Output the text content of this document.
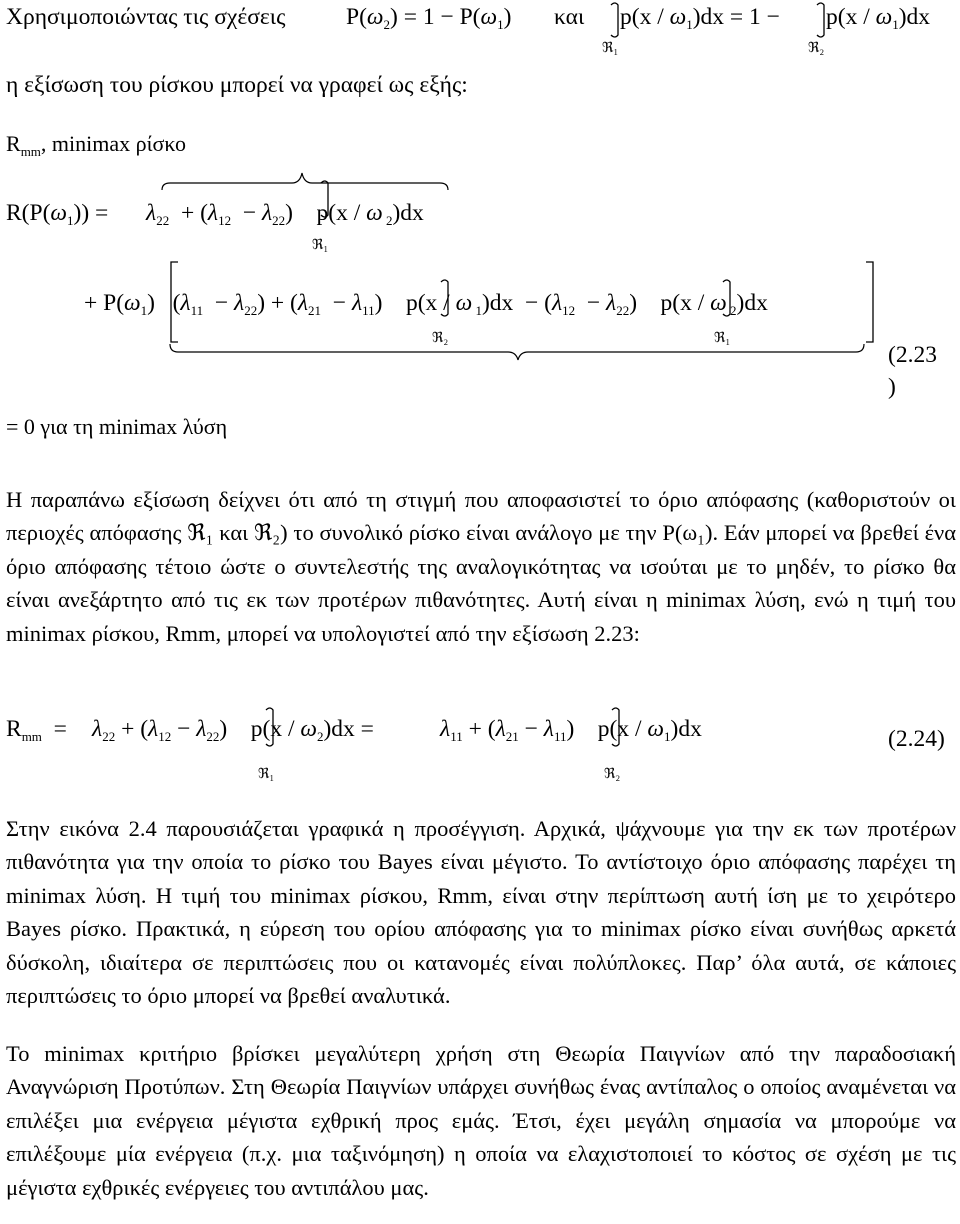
Χρησιμοποιώντας τις σχέσεις	$P(\omega_2) = 1 - P(\omega_1)$ και $p(x / \omega_1)dx = 1 - p(x / \omega_1)dx$
ℜ₁	ℜ₂
η εξίσωση του ρίσκου μπορεί να γραφεί ως εξής:
$R_{mm}$, minimax ρίσκο
$R(P(\omega_1)) = \lambda_{22} + (\lambda_{12} - \lambda_{22})$    p(x / ω $_2$)dx
ℜ₁
+ $P(\omega_1) (\lambda_{11} - \lambda_{22}) + (\lambda_{21} - \lambda_{11})$    p(x / ω $_1)dx - (\lambda_{12} - \lambda_{22})$    p(x / ω $_2$)dx
ℜ₂	ℜ₁
(2.23
)
= 0 για τη minimax λύση

Η παραπάνω εξίσωση δείχνει ότι από τη στιγμή που αποφασιστεί το όριο απόφασης (καθοριστούν οι περιοχές απόφασης ℜ₁ και ℜ₂) το συνολικό ρίσκο είναι ανάλογο με την P(ω₁). Εάν μπορεί να βρεθεί ένα όριο απόφασης τέτοιο ώστε ο συντελεστής της αναλογικότητας να ισούται με το μηδέν, το ρίσκο θα είναι ανεξάρτητο από τις εκ των προτέρων πιθανότητες. Αυτή είναι η minimax λύση, ενώ η τιμή του minimax ρίσκου, Rmm, μπορεί να υπολογιστεί από την εξίσωση 2.23:

$R_{mm} = \lambda_{22} + (\lambda_{12} - \lambda_{22})$    $p(x / \omega_2)dx$ =	$\lambda_{11} + (\lambda_{21} - \lambda_{11})$    $p(x / \omega_1)dx$
ℜ₁	ℜ₂
(2.24)

Στην εικόνα 2.4 παρουσιάζεται γραφικά η προσέγγιση. Αρχικά, ψάχνουμε για την εκ των προτέρων πιθανότητα για την οποία το ρίσκο του Bayes είναι μέγιστο. Το αντίστοιχο όριο απόφασης παρέχει τη minimax λύση. Η τιμή του minimax ρίσκου, Rmm, είναι στην περίπτωση αυτή ίση με το χειρότερο Bayes ρίσκο. Πρακτικά, η εύρεση του ορίου απόφασης για το minimax ρίσκο είναι συνήθως αρκετά δύσκολη, ιδιαίτερα σε περιπτώσεις που οι κατανομές είναι πολύπλοκες. Παρ’ όλα αυτά, σε κάποιες περιπτώσεις το όριο μπορεί να βρεθεί αναλυτικά.

Το minimax κριτήριο βρίσκει μεγαλύτερη χρήση στη Θεωρία Παιγνίων από την παραδοσιακή Αναγνώριση Προτύπων. Στη Θεωρία Παιγνίων υπάρχει συνήθως ένας αντίπαλος ο οποίος αναμένεται να επιλέξει μια ενέργεια μέγιστα εχθρική προς εμάς. Έτσι, έχει μεγάλη σημασία να μπορούμε να επιλέξουμε μία ενέργεια (π.χ. μια ταξινόμηση) η οποία να ελαχιστοποιεί το κόστος σε σχέση με τις μέγιστα εχθρικές ενέργειες του αντιπάλου μας.
